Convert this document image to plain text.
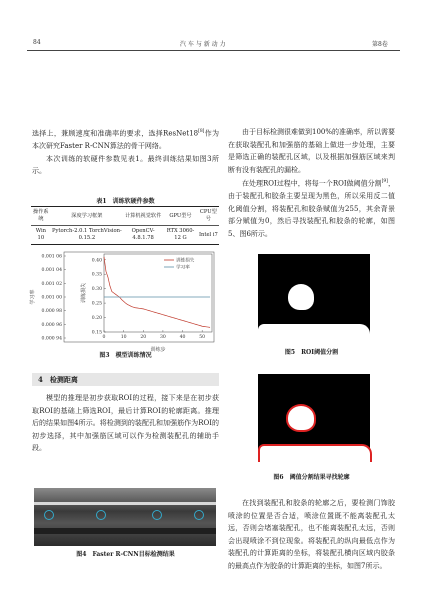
84	汽 车 与 新 动 力	第8卷

选择上，兼顾速度和准确率的要求，选择ResNet18[8]作为本次研究Faster R-CNN算法的骨干网络。

本次训练的软硬件参数见表1。最终训练结果如图3所示。

表1　训练软硬件参数
操作系统	深度学习框架	计算机视觉软件	GPU型号	CPU型号
Win 10	Pytorch-2.0.1 TorchVision-0.15.2	OpenCV-4.8.1.78	RTX 3060-12 G	Intel i7
0.001 06
0.001 04
0.001 02
0.001 00
0.000 98
0.000 96
0.000 94
0.40
0.35
0.30
0.25
0.20
0.15
0	10	20	30	40	50
训练步
学习率	训练损失
训练损失
学习率
图3　模型训练情况
4　检测距离

模型的推理是初步获取ROI的过程，接下来是在初步获取ROI的基础上筛选ROI，最后计算ROI的轮廓距离。推理后的结果如图4所示。将检测到的装配孔和加强筋作为ROI的初步选择，其中加强筋区域可以作为检测装配孔的辅助手段。

图4　Faster R-CNN目标检测结果

由于目标检测很难做到100%的准确率，所以需要在获取装配孔和加强筋的基础上做进一步处理，主要是筛选正确的装配孔区域，以及根据加强筋区域来判断有没有装配孔的漏检。

在处理ROI过程中，将每一个ROI做阈值分割[9]，由于装配孔和胶条主要呈现为黑色，所以采用反二值化阈值分割，将装配孔和胶条赋值为255，其余背景部分赋值为0，然后寻找装配孔和胶条的轮廓，如图5、图6所示。

图5　ROI阈值分割
图6　阈值分割结果寻找轮廓

在找到装配孔和胶条的轮廓之后，要检测门饰胶喷涂的位置是否合适，喷涂位置既不能离装配孔太远，否则会堵塞装配孔，也不能离装配孔太远，否则会出现喷涂不到位现象。将装配孔的纵向最低点作为装配孔的计算距离的坐标，将装配孔横向区域内胶条的最高点作为胶条的计算距离的坐标，如图7所示。
